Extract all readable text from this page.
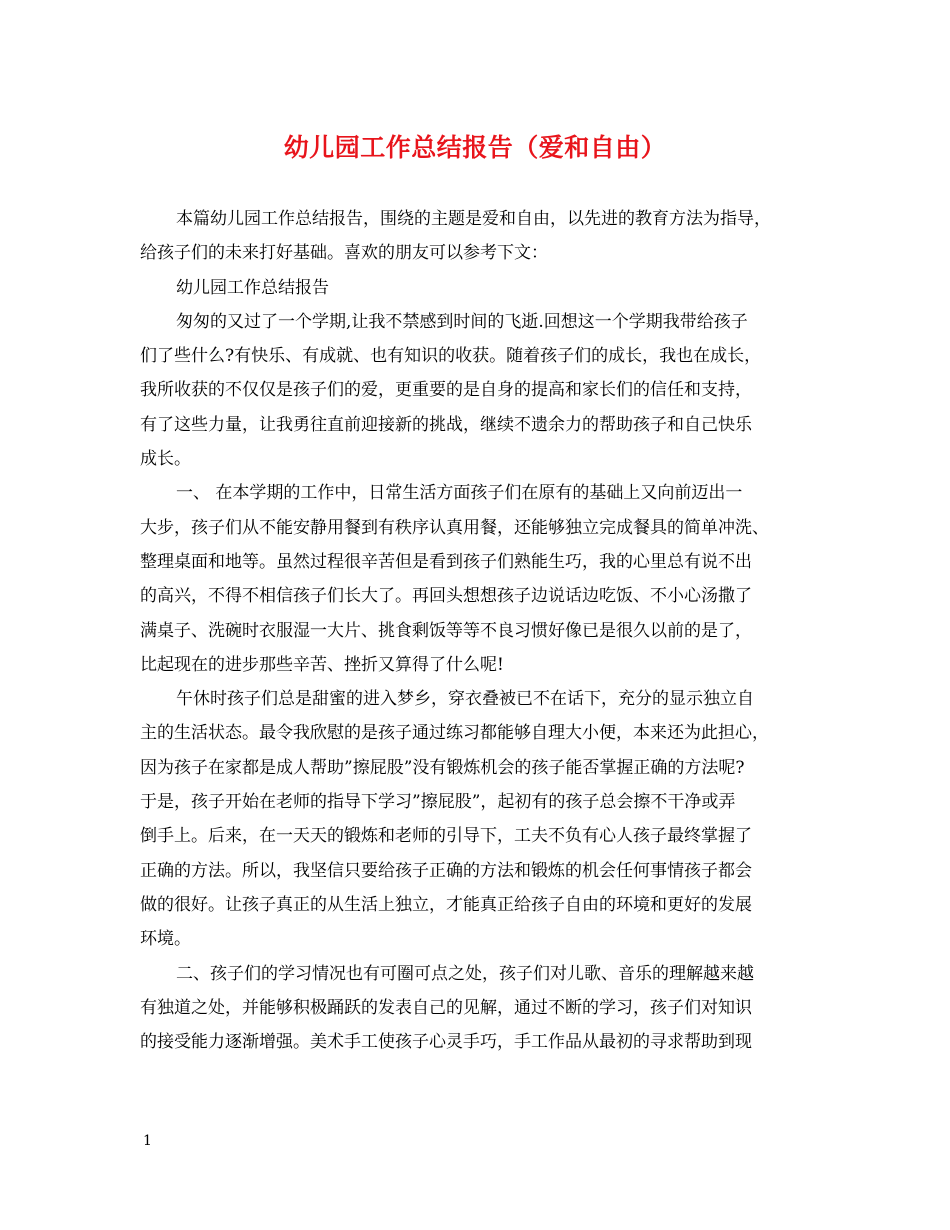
幼儿园工作总结报告（爱和自由）
本篇幼儿园工作总结报告，围绕的主题是爱和自由，以先进的教育方法为指导，
给孩子们的未来打好基础。喜欢的朋友可以参考下文：
幼儿园工作总结报告
匆匆的又过了一个学期,让我不禁感到时间的飞逝.回想这一个学期我带给孩子
们了些什么?有快乐、有成就、也有知识的收获。随着孩子们的成长，我也在成长，
我所收获的不仅仅是孩子们的爱，更重要的是自身的提高和家长们的信任和支持，
有了这些力量，让我勇往直前迎接新的挑战，继续不遗余力的帮助孩子和自己快乐
成长。
一、 在本学期的工作中，日常生活方面孩子们在原有的基础上又向前迈出一
大步，孩子们从不能安静用餐到有秩序认真用餐，还能够独立完成餐具的简单冲洗、
整理桌面和地等。虽然过程很辛苦但是看到孩子们熟能生巧，我的心里总有说不出
的高兴，不得不相信孩子们长大了。再回头想想孩子边说话边吃饭、不小心汤撒了
满桌子、洗碗时衣服湿一大片、挑食剩饭等等不良习惯好像已是很久以前的是了，
比起现在的进步那些辛苦、挫折又算得了什么呢!
午休时孩子们总是甜蜜的进入梦乡，穿衣叠被已不在话下，充分的显示独立自
主的生活状态。最令我欣慰的是孩子通过练习都能够自理大小便，本来还为此担心，
因为孩子在家都是成人帮助”擦屁股”没有锻炼机会的孩子能否掌握正确的方法呢?
于是，孩子开始在老师的指导下学习”擦屁股”，起初有的孩子总会擦不干净或弄
倒手上。后来，在一天天的锻炼和老师的引导下，工夫不负有心人孩子最终掌握了
正确的方法。所以，我坚信只要给孩子正确的方法和锻炼的机会任何事情孩子都会
做的很好。让孩子真正的从生活上独立，才能真正给孩子自由的环境和更好的发展
环境。
二、孩子们的学习情况也有可圈可点之处，孩子们对儿歌、音乐的理解越来越
有独道之处，并能够积极踊跃的发表自己的见解，通过不断的学习，孩子们对知识
的接受能力逐渐增强。美术手工使孩子心灵手巧，手工作品从最初的寻求帮助到现
1
